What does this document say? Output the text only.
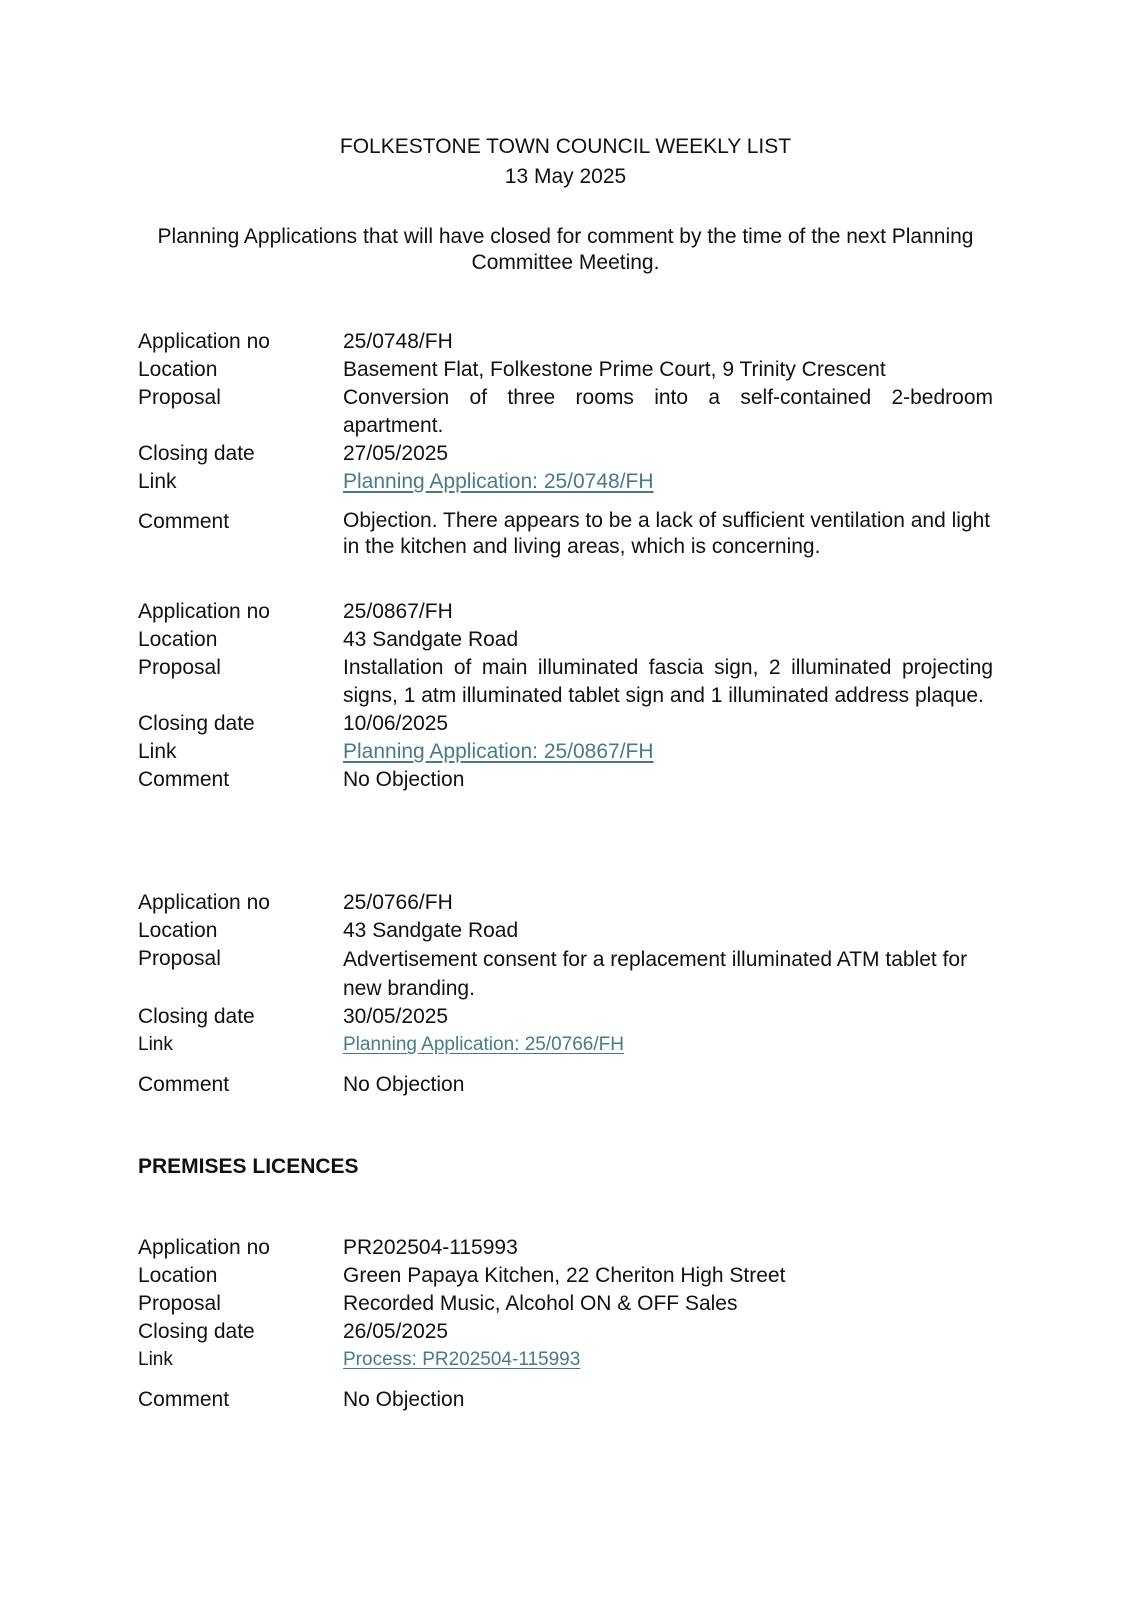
FOLKESTONE TOWN COUNCIL WEEKLY LIST
13 May 2025
Planning Applications that will have closed for comment by the time of the next Planning Committee Meeting.
Application no	25/0748/FH
Location	Basement Flat, Folkestone Prime Court, 9 Trinity Crescent
Proposal	Conversion of three rooms into a self-contained 2-bedroom apartment.
Closing date	27/05/2025
Link	Planning Application: 25/0748/FH
Comment	Objection. There appears to be a lack of sufficient ventilation and light in the kitchen and living areas, which is concerning.
Application no	25/0867/FH
Location	43 Sandgate Road
Proposal	Installation of main illuminated fascia sign, 2 illuminated projecting signs, 1 atm illuminated tablet sign and 1 illuminated address plaque.
Closing date	10/06/2025
Link	Planning Application: 25/0867/FH
Comment	No Objection
Application no	25/0766/FH
Location	43 Sandgate Road
Proposal	Advertisement consent for a replacement illuminated ATM tablet for new branding.
Closing date	30/05/2025
Link	Planning Application: 25/0766/FH
Comment	No Objection
PREMISES LICENCES
Application no	PR202504-115993
Location	Green Papaya Kitchen, 22 Cheriton High Street
Proposal	Recorded Music, Alcohol ON & OFF Sales
Closing date	26/05/2025
Link	Process: PR202504-115993
Comment	No Objection
